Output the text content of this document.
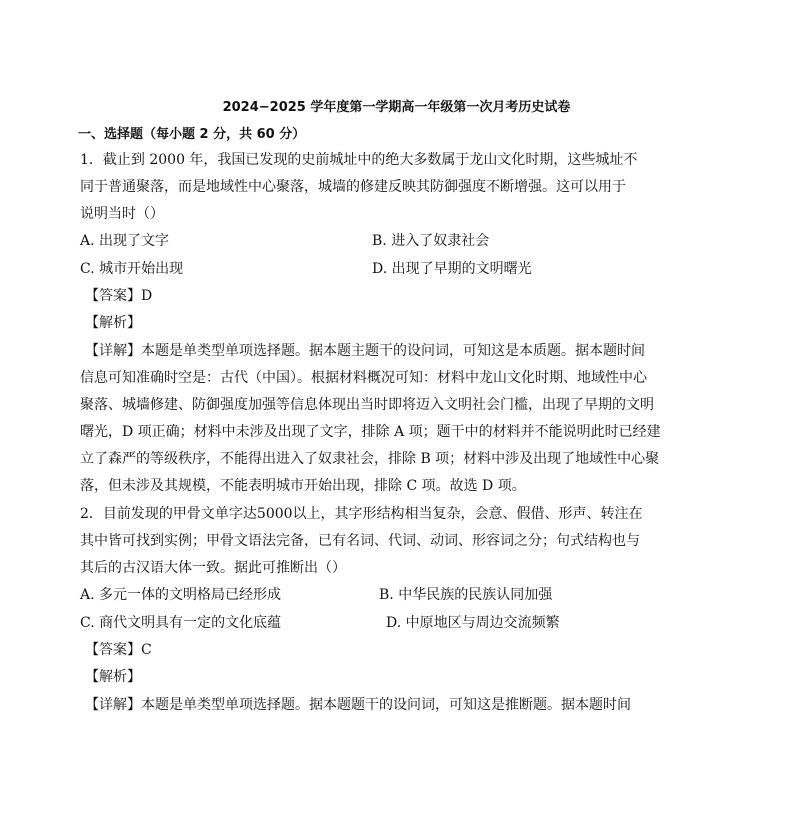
2024−2025 学年度第一学期高一年级第一次月考历史试卷
一、选择题（每小题 2 分，共 60 分）
1．截止到 2000 年，我国已发现的史前城址中的绝大多数属于龙山文化时期，这些城址不
同于普通聚落，而是地域性中心聚落，城墙的修建反映其防御强度不断增强。这可以用于
说明当时（）
A. 出现了文字	B. 进入了奴隶社会
C. 城市开始出现	D. 出现了早期的文明曙光
【答案】D
【解析】
【详解】本题是单类型单项选择题。据本题主题干的设问词，可知这是本质题。据本题时间
信息可知准确时空是：古代（中国）。根据材料概况可知：材料中龙山文化时期、地域性中心
聚落、城墙修建、防御强度加强等信息体现出当时即将迈入文明社会门槛，出现了早期的文明
曙光，D 项正确；材料中未涉及出现了文字，排除 A 项；题干中的材料并不能说明此时已经建
立了森严的等级秩序，不能得出进入了奴隶社会，排除 B 项；材料中涉及出现了地域性中心聚
落，但未涉及其规模，不能表明城市开始出现，排除 C 项。故选 D 项。
2．目前发现的甲骨文单字达5000以上，其字形结构相当复杂，会意、假借、形声、转注在
其中皆可找到实例；甲骨文语法完备，已有名词、代词、动词、形容词之分；句式结构也与
其后的古汉语大体一致。据此可推断出（）
A. 多元一体的文明格局已经形成	B. 中华民族的民族认同加强
C. 商代文明具有一定的文化底蕴	D. 中原地区与周边交流频繁
【答案】C
【解析】
【详解】本题是单类型单项选择题。据本题题干的设问词，可知这是推断题。据本题时间
